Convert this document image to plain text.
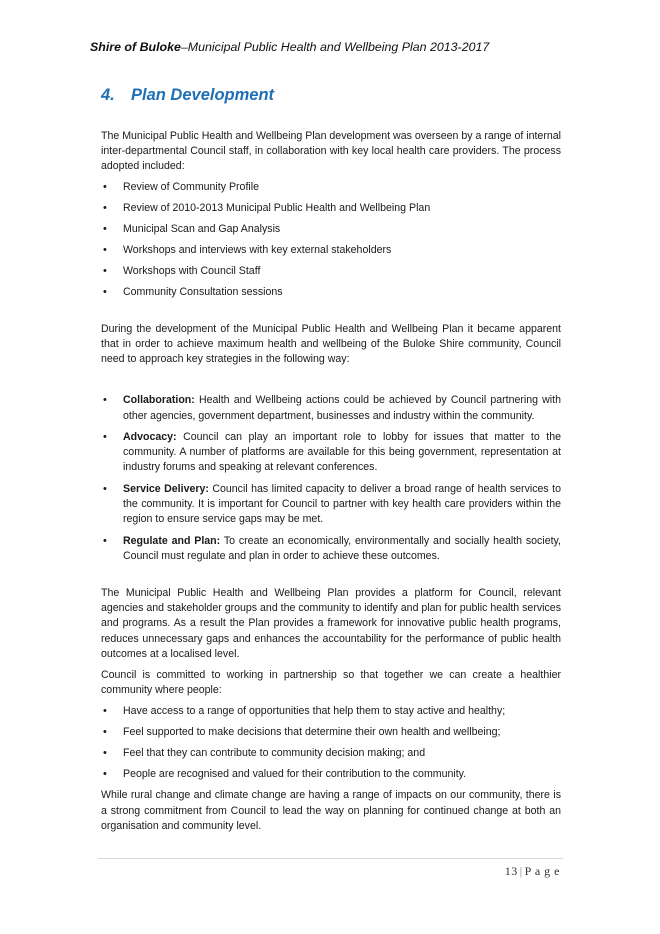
Shire of Buloke–Municipal Public Health and Wellbeing Plan 2013-2017
4. Plan Development

The Municipal Public Health and Wellbeing Plan development was overseen by a range of internal inter-departmental Council staff, in collaboration with key local health care providers. The process adopted included:

• Review of Community Profile
• Review of 2010-2013 Municipal Public Health and Wellbeing Plan
• Municipal Scan and Gap Analysis
• Workshops and interviews with key external stakeholders
• Workshops with Council Staff
• Community Consultation sessions

During the development of the Municipal Public Health and Wellbeing Plan it became apparent that in order to achieve maximum health and wellbeing of the Buloke Shire community, Council need to approach key strategies in the following way:

• Collaboration: Health and Wellbeing actions could be achieved by Council partnering with other agencies, government department, businesses and industry within the community.
• Advocacy: Council can play an important role to lobby for issues that matter to the community. A number of platforms are available for this being government, representation at industry forums and speaking at relevant conferences.
• Service Delivery: Council has limited capacity to deliver a broad range of health services to the community. It is important for Council to partner with key health care providers within the region to ensure service gaps may be met.
• Regulate and Plan: To create an economically, environmentally and socially health society, Council must regulate and plan in order to achieve these outcomes.

The Municipal Public Health and Wellbeing Plan provides a platform for Council, relevant agencies and stakeholder groups and the community to identify and plan for public health services and programs. As a result the Plan provides a framework for innovative public health programs, reduces unnecessary gaps and enhances the accountability for the performance of public health outcomes at a localised level.

Council is committed to working in partnership so that together we can create a healthier community where people:

• Have access to a range of opportunities that help them to stay active and healthy;
• Feel supported to make decisions that determine their own health and wellbeing;
• Feel that they can contribute to community decision making; and
• People are recognised and valued for their contribution to the community.

While rural change and climate change are having a range of impacts on our community, there is a strong commitment from Council to lead the way on planning for continued change at both an organisation and community level.

13 | P a g e
